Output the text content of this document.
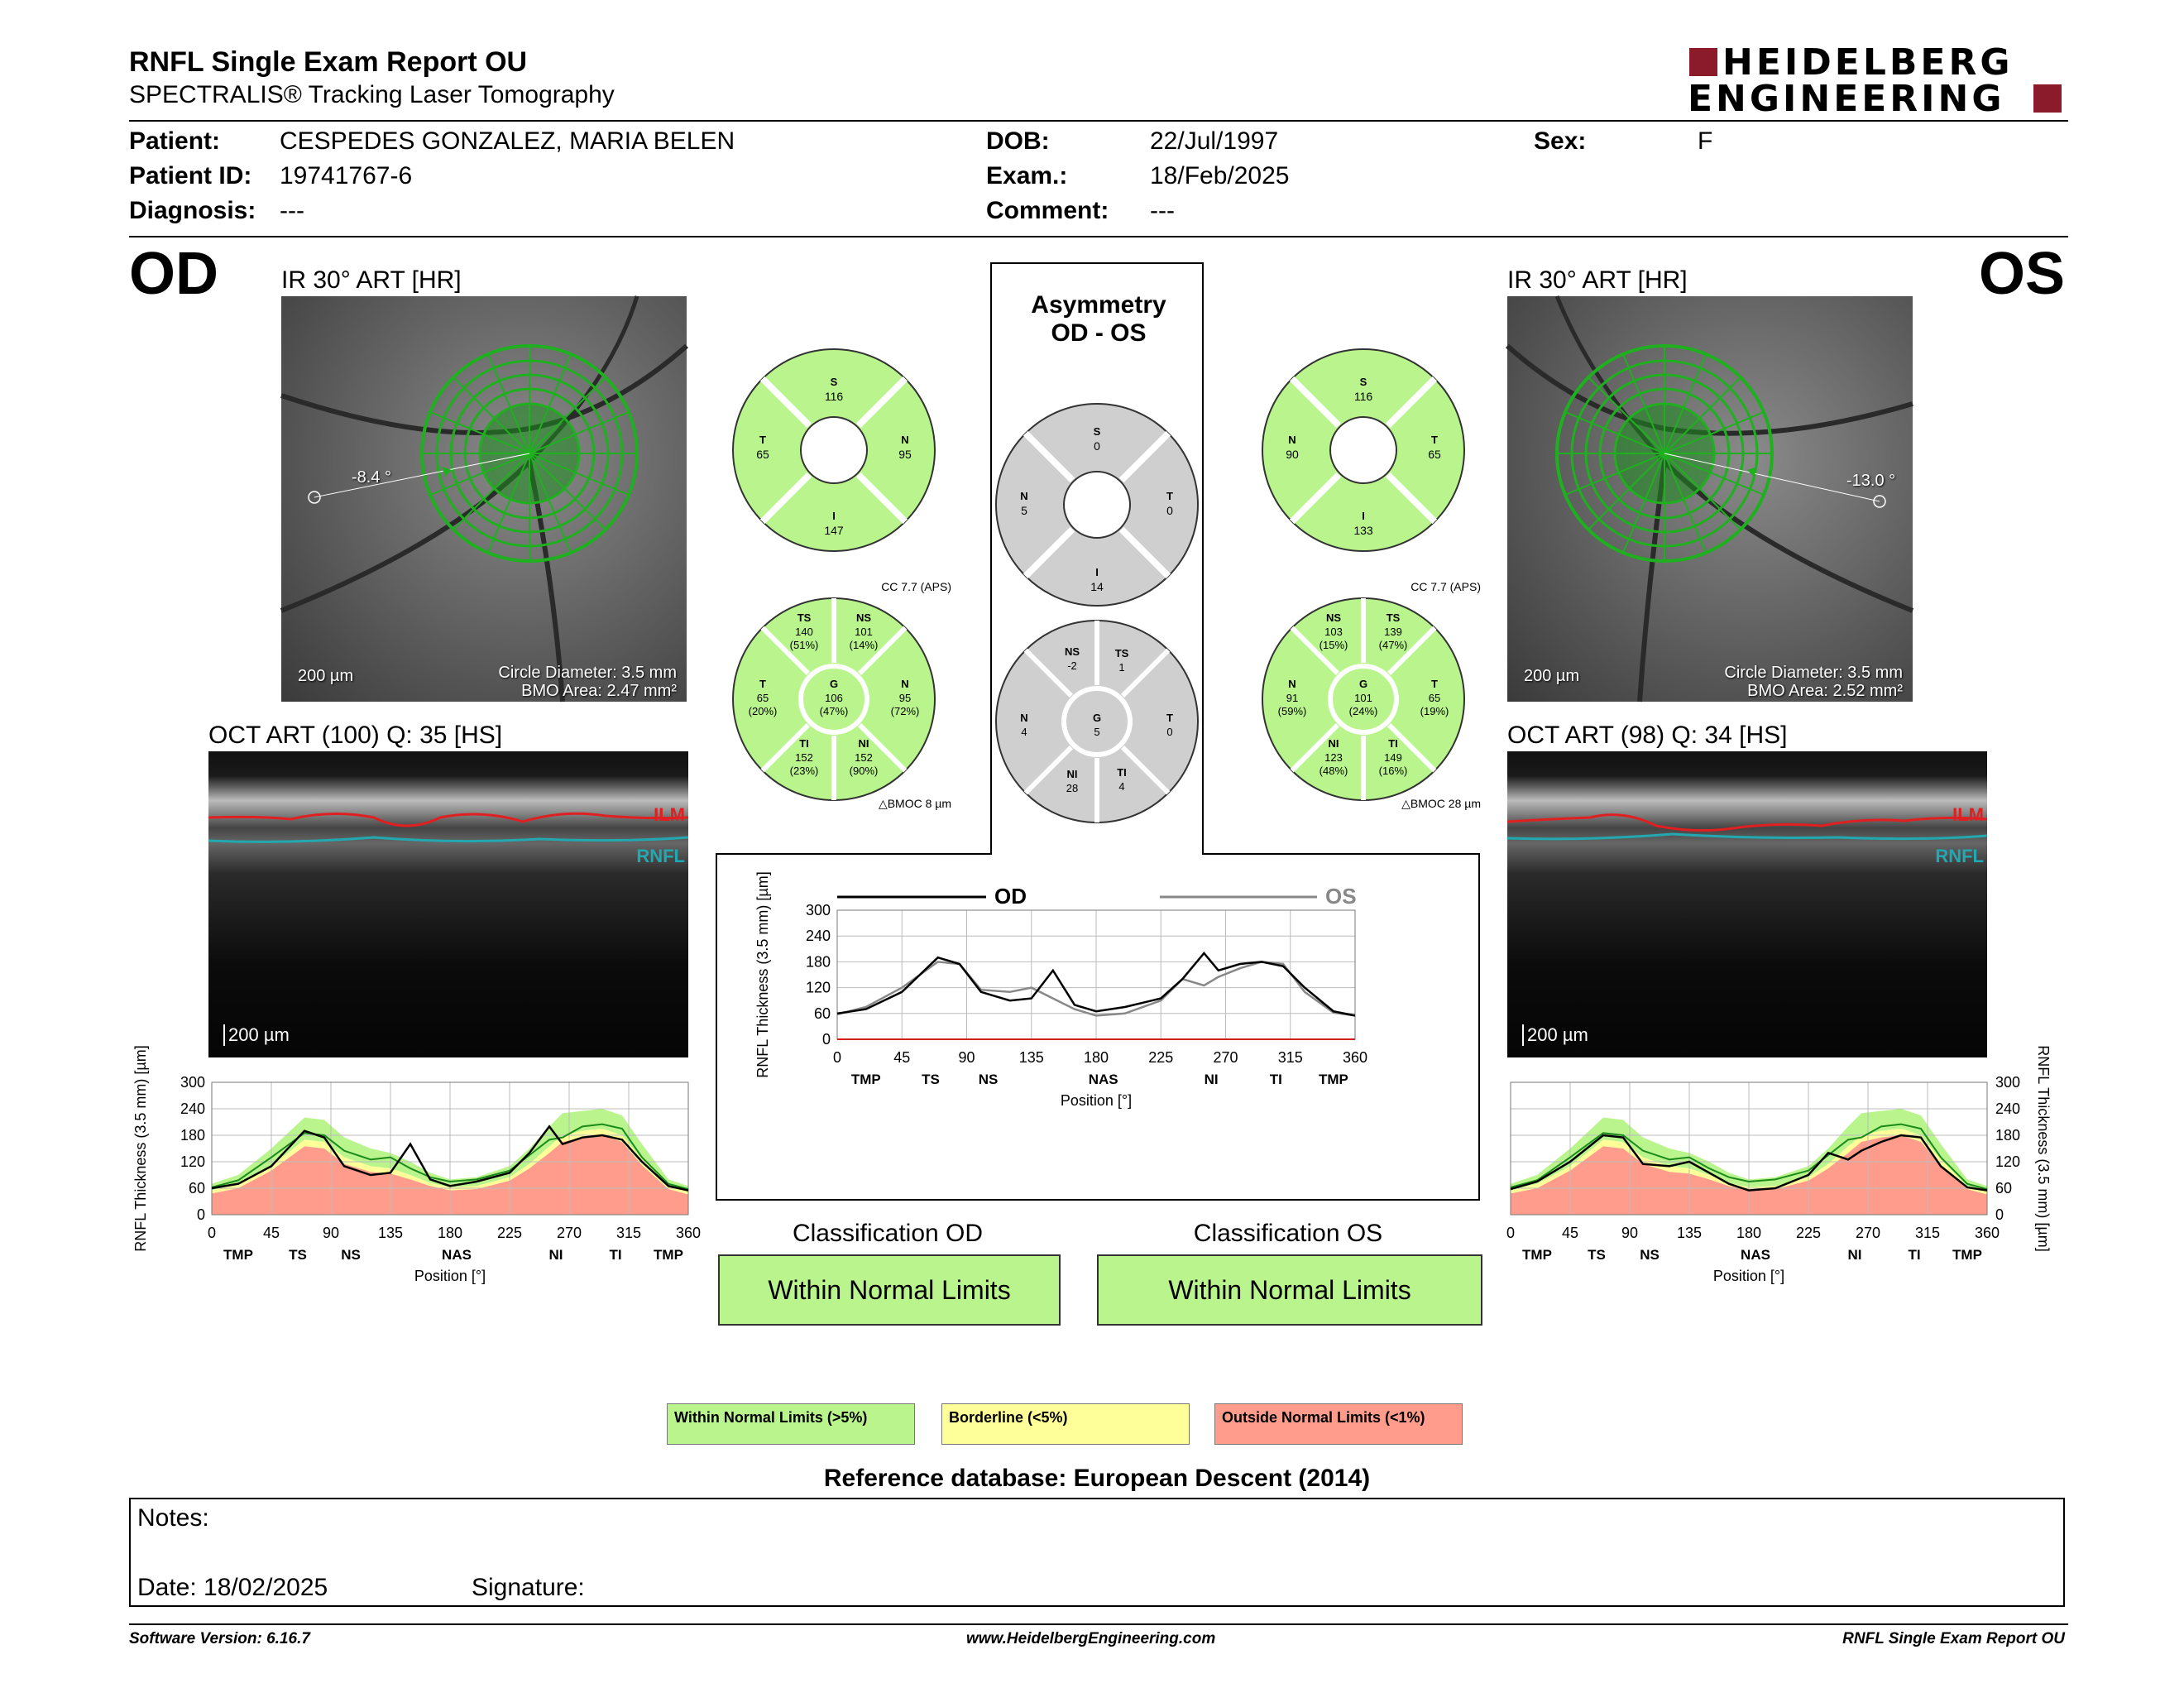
RNFL Single Exam Report OU
SPECTRALIS® Tracking Laser Tomography
HEIDELBERG
ENGINEERING
Patient: CESPEDES GONZALEZ, MARIA BELEN
Patient ID: 19741767-6
Diagnosis: ---
DOB:	22/Jul/1997
Exam.:	18/Feb/2025
Comment: ---
Sex:	F
OD	OS
IR 30° ART [HR]
-8.4 °
200 µm	Circle Diameter: 3.5 mm
BMO Area: 2.47 mm²
IR 30° ART [HR]
-13.0 °
200 µm	Circle Diameter: 3.5 mm
BMO Area: 2.52 mm²
OCT ART (100) Q: 35 [HS]
ILM
RNFL
200 µm
OCT ART (98) Q: 34 [HS]
ILM
RNFL
200 µm
Asymmetry
OD - OS
S
116
T
65
N
95
I
147
S
116
N
90
T
65
I
133
S
0
N
5
T
0
I
14
TS
140
(51%)
NS
101
(14%)
T
65
(20%)
G
106
(47%)
N
95
(72%)
TI
152
(23%)
NI
152
(90%)
NS
103
(15%)
TS
139
(47%)
N
91
(59%)
G
101
(24%)
T
65
(19%)
NI
123
(48%)
TI
149
(16%)
NS
-2
TS
1
N
4
G
5
T
0
NI
28
TI
4
CC 7.7 (APS)	CC 7.7 (APS)
△BMOC 8 µm	△BMOC 28 µm
0
60
120
180
240
300
0	45	90	135 180 225 270 315 360
TMP	TS NS	NAS	NI	TI TMP
Position [°]
RNFL Thickness (3.5 mm) [µm]	0
60
120
180
240
300
0	45	90	135 180 225 270 315 360
TMP	TS NS	NAS	NI	TI TMP
Position [°]
RNFL Thickness (3.5 mm) [µm]
0
60
120
180
240
300
0	45	90	135	180	225	270	315	360
TMP	TS	NS	NAS	NI	TI	TMP
Position [°]
RNFL Thickness (3.5 mm) [µm]	OD	OS
Classification OD
Within Normal Limits
Classification OS
Within Normal Limits
Within Normal Limits (>5%)	Borderline (<5%)	Outside Normal Limits (<1%)
Reference database: European Descent (2014)
Notes:
Date: 18/02/2025	Signature:
Software Version: 6.16.7	www.HeidelbergEngineering.com	RNFL Single Exam Report OU
